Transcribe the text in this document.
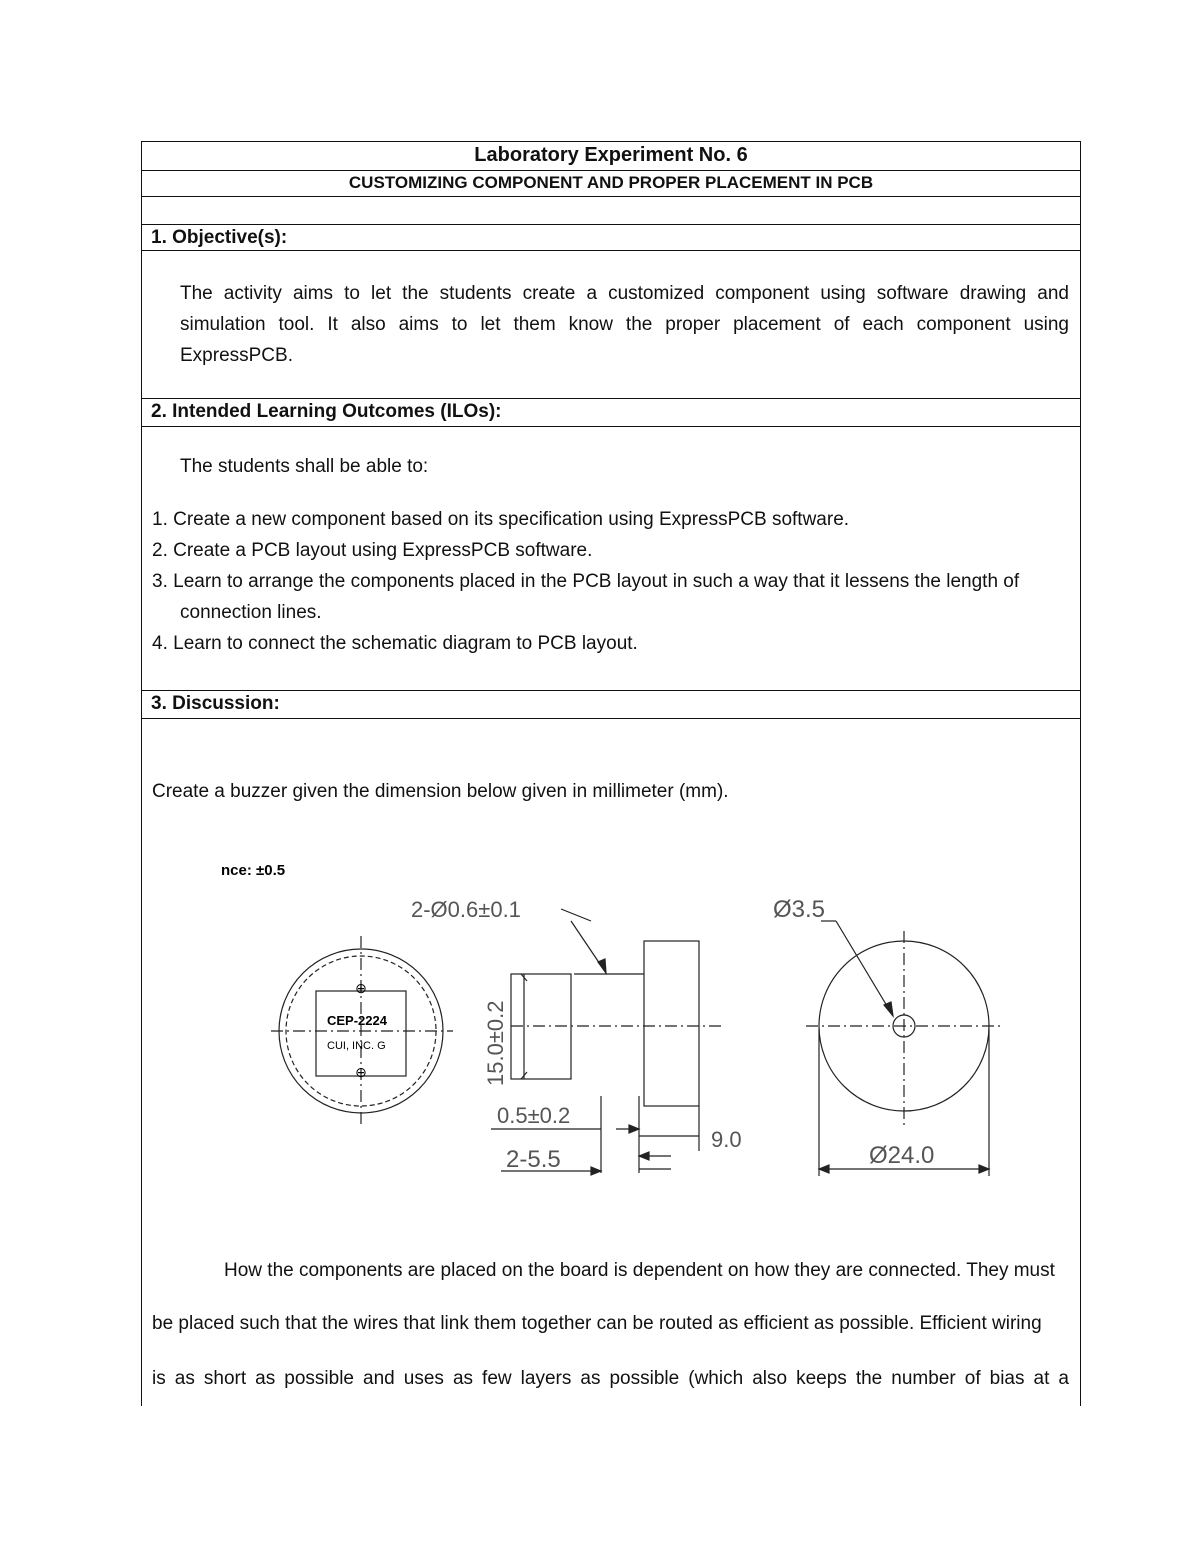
Laboratory Experiment No. 6
CUSTOMIZING COMPONENT AND PROPER PLACEMENT IN PCB
1. Objective(s):
The activity aims to let the students create a customized component using software drawing and simulation tool. It also aims to let them know the proper placement of each component using ExpressPCB.
2. Intended Learning Outcomes (ILOs):
The students shall be able to:
1. Create a new component based on its specification using ExpressPCB software.
2. Create a PCB layout using ExpressPCB software.
3. Learn to arrange the components placed in the PCB layout in such a way that it lessens the length of
connection lines.
4. Learn to connect the schematic diagram to PCB layout.
3. Discussion:
Create a buzzer given the dimension below given in millimeter (mm).
nce: ±0.5
⊕
⊖
CEP-2224
CUI, INC. G
2-Ø0.6±0.1
15.0±0.2
0.5±0.2
2-5.5
9.0
Ø3.5
Ø24.0
How the components are placed on the board is dependent on how they are connected. They must
be placed such that the wires that link them together can be routed as efficient as possible. Efficient wiring
is as short as possible and uses as few layers as possible (which also keeps the number of bias at a
